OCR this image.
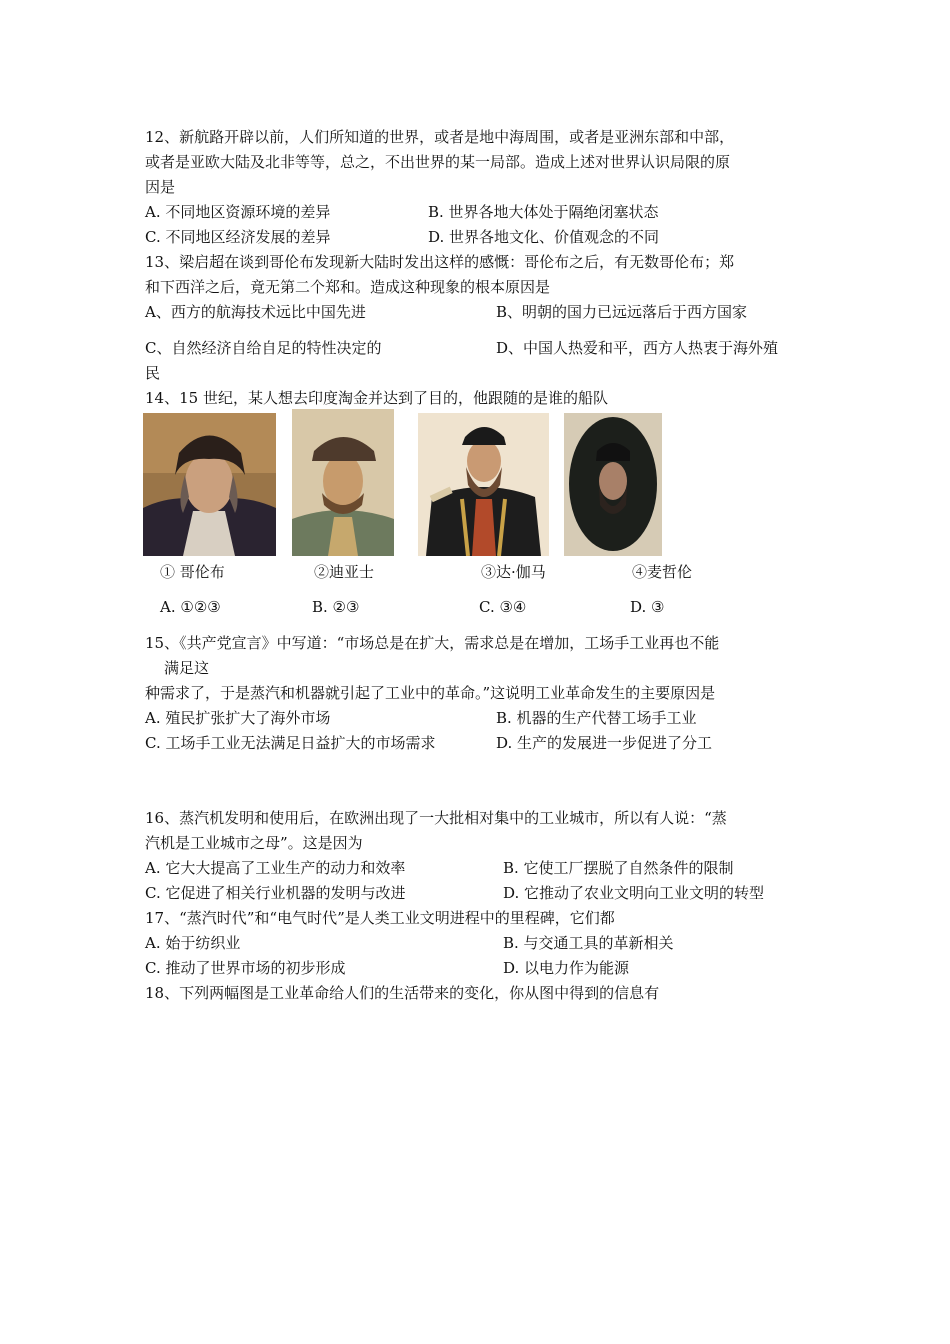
12、新航路开辟以前，人们所知道的世界，或者是地中海周围，或者是亚洲东部和中部，
或者是亚欧大陆及北非等等，总之，不出世界的某一局部。造成上述对世界认识局限的原
因是
A. 不同地区资源环境的差异	B. 世界各地大体处于隔绝闭塞状态
C. 不同地区经济发展的差异	D. 世界各地文化、价值观念的不同
13、梁启超在谈到哥伦布发现新大陆时发出这样的感慨：哥伦布之后，有无数哥伦布；郑
和下西洋之后，竟无第二个郑和。造成这种现象的根本原因是
A、西方的航海技术远比中国先进	B、明朝的国力已远远落后于西方国家
C、自然经济自给自足的特性决定的	D、中国人热爱和平，西方人热衷于海外殖
民
14、15 世纪，某人想去印度淘金并达到了目的，他跟随的是谁的船队
① 哥伦布	②迪亚士	③达·伽马	④麦哲伦
A. ①②③	B. ②③	C. ③④	D. ③
15、《共产党宣言》中写道：“市场总是在扩大，需求总是在增加，工场手工业再也不能
满足这
种需求了，于是蒸汽和机器就引起了工业中的革命。”这说明工业革命发生的主要原因是
A. 殖民扩张扩大了海外市场	B. 机器的生产代替工场手工业
C. 工场手工业无法满足日益扩大的市场需求	D. 生产的发展进一步促进了分工
16、蒸汽机发明和使用后，在欧洲出现了一大批相对集中的工业城市，所以有人说：“蒸
汽机是工业城市之母”。这是因为
A. 它大大提高了工业生产的动力和效率	B. 它使工厂摆脱了自然条件的限制
C. 它促进了相关行业机器的发明与改进	D. 它推动了农业文明向工业文明的转型
17、“蒸汽时代”和“电气时代”是人类工业文明进程中的里程碑，它们都
A. 始于纺织业	B. 与交通工具的革新相关
C. 推动了世界市场的初步形成	D. 以电力作为能源
18、下列两幅图是工业革命给人们的生活带来的变化，你从图中得到的信息有
